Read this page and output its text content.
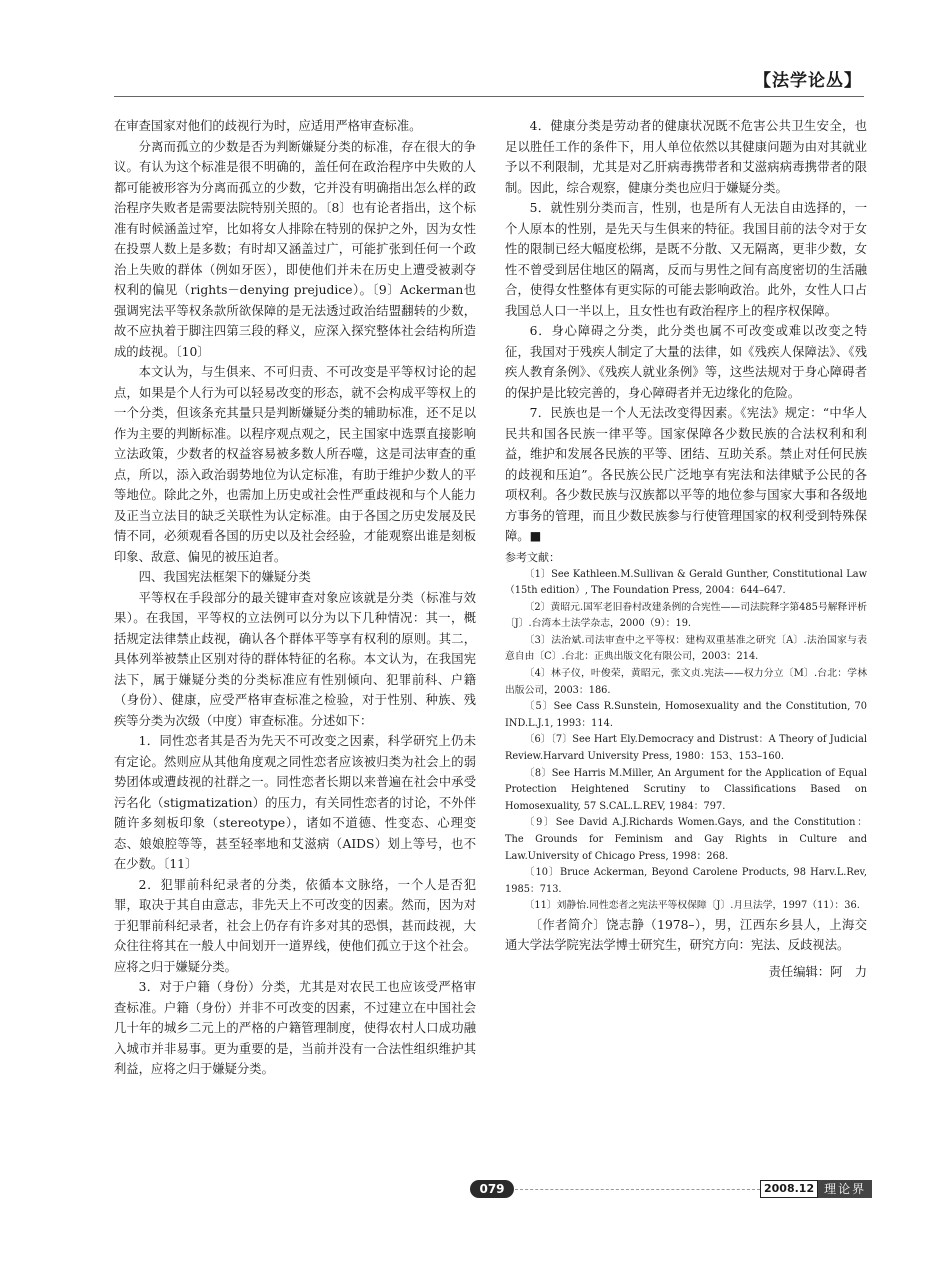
【法学论丛】

在审查国家对他们的歧视行为时，应适用严格审查标准。

分离而孤立的少数是否为判断嫌疑分类的标准，存在很大的争议。有认为这个标准是很不明确的，盖任何在政治程序中失败的人都可能被形容为分离而孤立的少数，它并没有明确指出怎么样的政治程序失败者是需要法院特别关照的。〔8〕也有论者指出，这个标准有时候涵盖过窄，比如将女人排除在特别的保护之外，因为女性在投票人数上是多数；有时却又涵盖过广，可能扩张到任何一个政治上失败的群体（例如牙医），即使他们并未在历史上遭受被剥夺权利的偏见（rights－denying prejudice）。〔9〕Ackerman也强调宪法平等权条款所欲保障的是无法透过政治结盟翻转的少数，故不应执着于脚注四第三段的释义，应深入探究整体社会结构所造成的歧视。〔10〕

本文认为，与生俱来、不可归责、不可改变是平等权讨论的起点，如果是个人行为可以轻易改变的形态，就不会构成平等权上的一个分类，但该条充其量只是判断嫌疑分类的辅助标准，还不足以作为主要的判断标准。以程序观点观之，民主国家中选票直接影响立法政策，少数者的权益容易被多数人所吞噬，这是司法审查的重点，所以，添入政治弱势地位为认定标准，有助于维护少数人的平等地位。除此之外，也需加上历史或社会性严重歧视和与个人能力及正当立法目的缺乏关联性为认定标准。由于各国之历史发展及民情不同，必须观看各国的历史以及社会经验，才能观察出谁是刻板印象、敌意、偏见的被压迫者。

四、我国宪法框架下的嫌疑分类

平等权在手段部分的最关键审查对象应该就是分类（标准与效果）。在我国，平等权的立法例可以分为以下几种情况：其一，概括规定法律禁止歧视，确认各个群体平等享有权利的原则。其二，具体列举被禁止区别对待的群体特征的名称。本文认为，在我国宪法下，属于嫌疑分类的分类标准应有性别倾向、犯罪前科、户籍（身份）、健康，应受严格审查标准之检验，对于性别、种族、残疾等分类为次级（中度）审查标准。分述如下：

1．同性恋者其是否为先天不可改变之因素，科学研究上仍未有定论。然则应从其他角度观之同性恋者应该被归类为社会上的弱势团体或遭歧视的社群之一。同性恋者长期以来普遍在社会中承受污名化（stigmatization）的压力，有关同性恋者的讨论，不外伴随许多刻板印象（stereotype），诸如不道德、性变态、心理变态、娘娘腔等等，甚至轻率地和艾滋病（AIDS）划上等号，也不在少数。〔11〕

2．犯罪前科纪录者的分类，依循本文脉络，一个人是否犯罪，取决于其自由意志，非先天上不可改变的因素。然而，因为对于犯罪前科纪录者，社会上仍存有许多对其的恐惧，甚而歧视，大众往往将其在一般人中间划开一道界线，使他们孤立于这个社会。应将之归于嫌疑分类。

3．对于户籍（身份）分类，尤其是对农民工也应该受严格审查标准。户籍（身份）并非不可改变的因素，不过建立在中国社会几十年的城乡二元上的严格的户籍管理制度，使得农村人口成功融入城市并非易事。更为重要的是，当前并没有一合法性组织维护其利益，应将之归于嫌疑分类。

4．健康分类是劳动者的健康状况既不危害公共卫生安全，也足以胜任工作的条件下，用人单位依然以其健康问题为由对其就业予以不利限制，尤其是对乙肝病毒携带者和艾滋病病毒携带者的限制。因此，综合观察，健康分类也应归于嫌疑分类。

5．就性别分类而言，性别，也是所有人无法自由选择的，一个人原本的性别，是先天与生俱来的特征。我国目前的法令对于女性的限制已经大幅度松绑，是既不分散、又无隔离，更非少数，女性不曾受到居住地区的隔离，反而与男性之间有高度密切的生活融合，使得女性整体有更实际的可能去影响政治。此外，女性人口占我国总人口一半以上，且女性也有政治程序上的程序权保障。

6．身心障碍之分类，此分类也属不可改变或难以改变之特征，我国对于残疾人制定了大量的法律，如《残疾人保障法》、《残疾人教育条例》、《残疾人就业条例》等，这些法规对于身心障碍者的保护是比较完善的，身心障碍者并无边缘化的危险。

7．民族也是一个人无法改变得因素。《宪法》规定：“中华人民共和国各民族一律平等。国家保障各少数民族的合法权利和利益，维护和发展各民族的平等、团结、互助关系。禁止对任何民族的歧视和压迫”。各民族公民广泛地享有宪法和法律赋予公民的各项权利。各少数民族与汉族都以平等的地位参与国家大事和各级地方事务的管理，而且少数民族参与行使管理国家的权利受到特殊保障。■

参考文献：

〔1〕See Kathleen.M.Sullivan & Gerald Gunther, Constitutional Law（15th edition）, The Foundation Press, 2004：644–647.

〔2〕黄昭元.国军老旧眷村改建条例的合宪性——司法院释字第485号解释评析〔J〕.台湾本土法学杂志，2000（9）：19.

〔3〕法治斌.司法审查中之平等权：建构双重基准之研究〔A〕.法治国家与表意自由〔C〕.台北：正典出版文化有限公司，2003：214.

〔4〕林子仪，叶俊荣，黄昭元，张文贞.宪法——权力分立〔M〕.台北：学林出版公司，2003：186.

〔5〕See Cass R.Sunstein, Homosexuality and the Constitution, 70 IND.L.J.1, 1993：114.

〔6〕〔7〕See Hart Ely.Democracy and Distrust：A Theory of Judicial Review.Harvard University Press, 1980：153、153–160.

〔8〕See Harris M.Miller, An Argument for the Application of Equal Protection Heightened Scrutiny to Classifications Based on Homosexuality, 57 S.CAL.L.REV, 1984：797.

〔9〕See David A.J.Richards Women.Gays, and the Constitution：The Grounds for Feminism and Gay Rights in Culture and Law.University of Chicago Press, 1998：268.

〔10〕Bruce Ackerman, Beyond Carolene Products, 98 Harv.L.Rev, 1985：713.

〔11〕刘静怡.同性恋者之宪法平等权保障〔J〕.月旦法学，1997（11）：36.

〔作者简介〕饶志静（1978–），男，江西东乡县人，上海交通大学法学院宪法学博士研究生，研究方向：宪法、反歧视法。

责任编辑：阿　力

079	2008.12 理论界
